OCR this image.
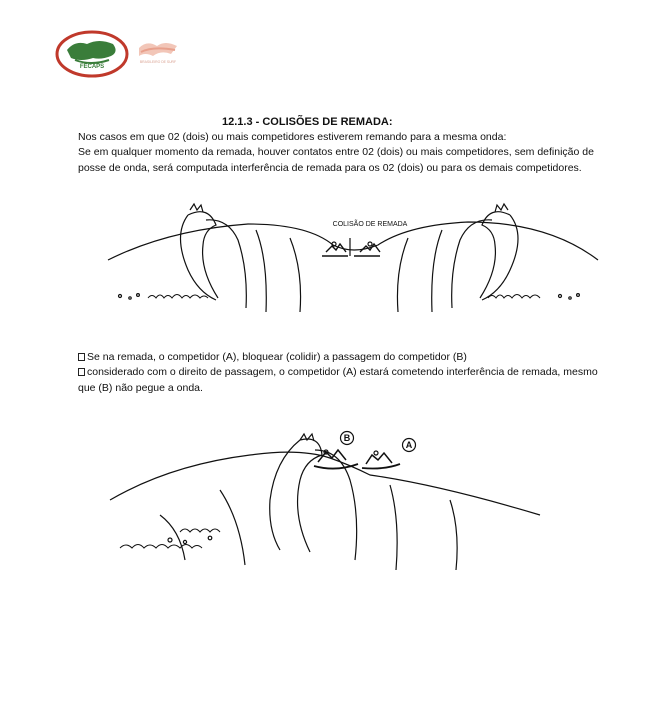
FECAPS
BRASILEIRO DE SURF
12.1.3 - COLISÕES DE REMADA:

Nos casos em que 02 (dois) ou mais competidores estiverem remando para a mesma onda:

Se em qualquer momento da remada, houver contatos entre 02 (dois) ou mais competidores, sem definição de posse de onda, será computada interferência de remada para os 02 (dois) ou para os demais competidores.

COLISÃO DE REMADA

Se na remada, o competidor (A), bloquear (colidir) a passagem do competidor (B)

considerado com o direito de passagem, o competidor (A) estará cometendo interferência de remada, mesmo que (B) não pegue a onda.

B
A
